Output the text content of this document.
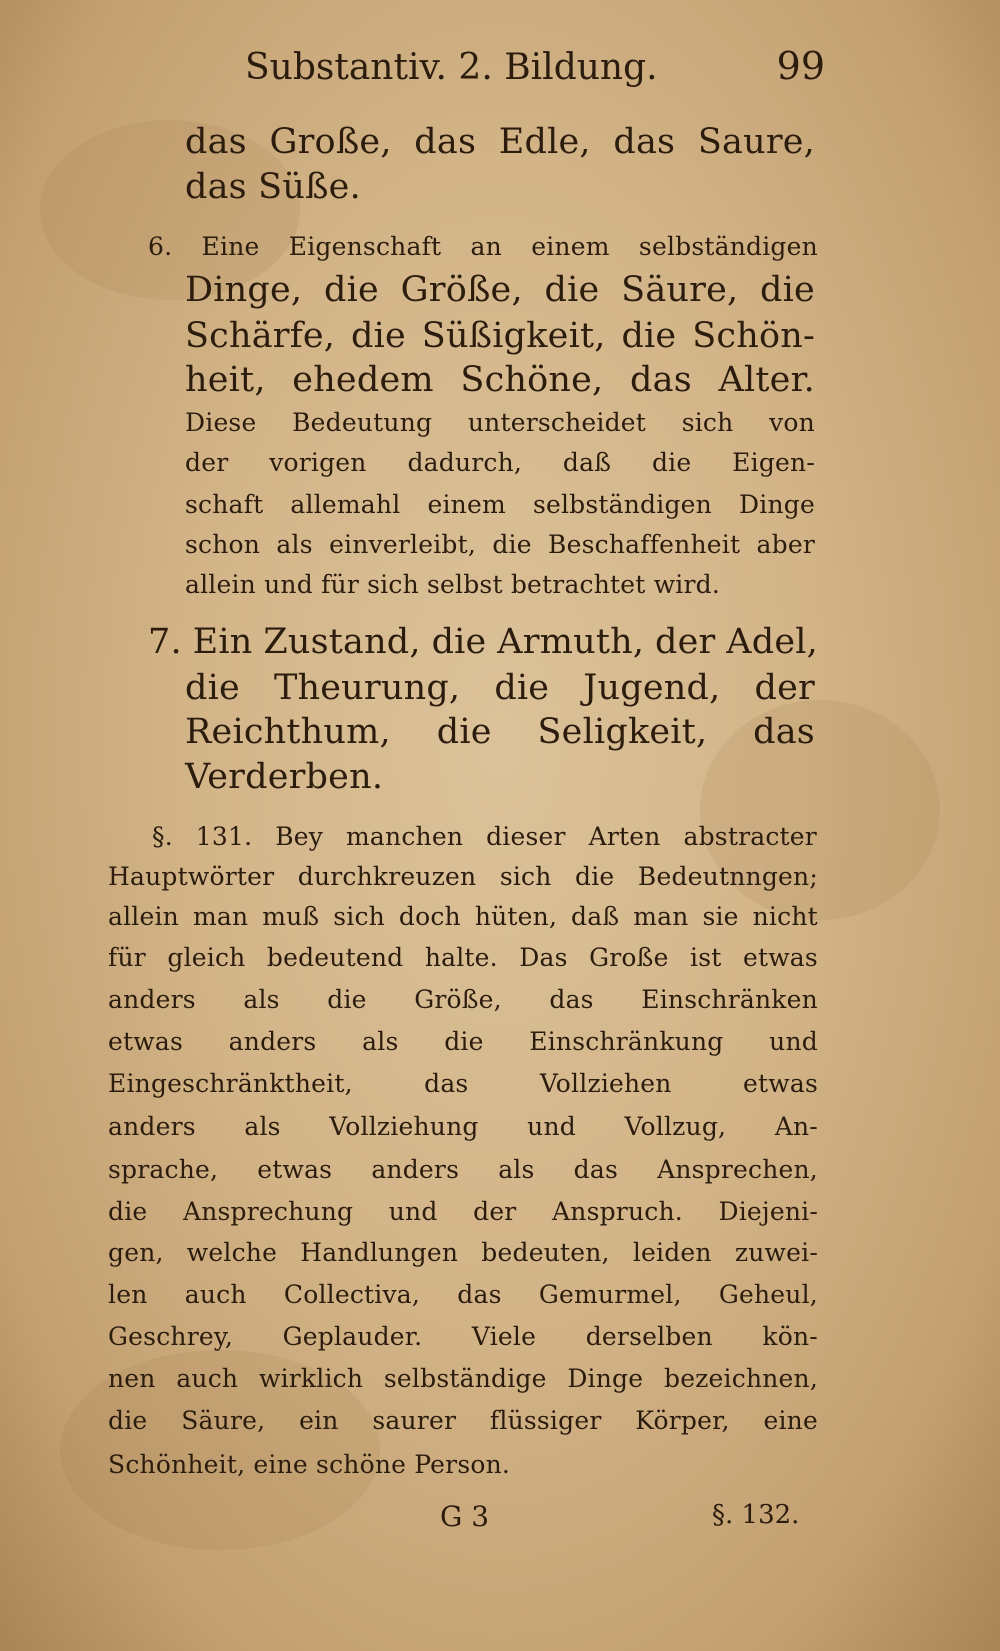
Substantiv. 2. Bildung.	99
das Große, das Edle, das Saure,
das Süße.
6. Eine Eigenschaft an einem selbständigen
Dinge, die Größe, die Säure, die
Schärfe, die Süßigkeit, die Schön-
heit, ehedem Schöne, das Alter.
Diese Bedeutung unterscheidet sich von
der vorigen dadurch, daß die Eigen-
schaft allemahl einem selbständigen Dinge
schon als einverleibt, die Beschaffenheit aber
allein und für sich selbst betrachtet wird.
7. Ein Zustand, die Armuth, der Adel,
die Theurung, die Jugend, der
Reichthum, die Seligkeit, das
Verderben.
§. 131. Bey manchen dieser Arten abstracter
Hauptwörter durchkreuzen sich die Bedeutnngen;
allein man muß sich doch hüten, daß man sie nicht
für gleich bedeutend halte. Das Große ist etwas
anders als die Größe, das Einschränken
etwas anders als die Einschränkung und
Eingeschränktheit,	das	Vollziehen	etwas
anders als Vollziehung und Vollzug, An-
sprache, etwas anders als das Ansprechen,
die Ansprechung und der Anspruch. Diejeni-
gen, welche Handlungen bedeuten, leiden zuwei-
len auch Collectiva, das Gemurmel, Geheul,
Geschrey, Geplauder. Viele derselben kön-
nen auch wirklich selbständige Dinge bezeichnen,
die Säure, ein saurer flüssiger Körper, eine
Schönheit, eine schöne Person.
G 3	§. 132.
